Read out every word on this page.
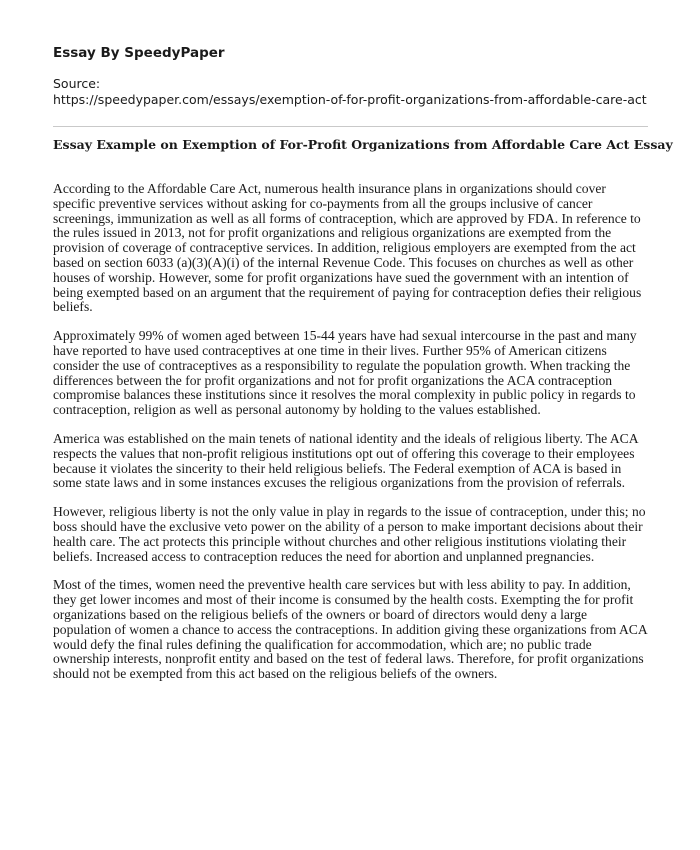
Essay By SpeedyPaper
Source:
https://speedypaper.com/essays/exemption-of-for-profit-organizations-from-affordable-care-act
Essay Example on Exemption of For-Profit Organizations from Affordable Care Act Essay

According to the Affordable Care Act, numerous health insurance plans in organizations should cover specific preventive services without asking for co-payments from all the groups inclusive of cancer screenings, immunization as well as all forms of contraception, which are approved by FDA. In reference to the rules issued in 2013, not for profit organizations and religious organizations are exempted from the provision of coverage of contraceptive services. In addition, religious employers are exempted from the act based on section 6033 (a)(3)(A)(i) of the internal Revenue Code. This focuses on churches as well as other houses of worship. However, some for profit organizations have sued the government with an intention of being exempted based on an argument that the requirement of paying for contraception defies their religious beliefs.

Approximately 99% of women aged between 15-44 years have had sexual intercourse in the past and many have reported to have used contraceptives at one time in their lives. Further 95% of American citizens consider the use of contraceptives as a responsibility to regulate the population growth. When tracking the differences between the for profit organizations and not for profit organizations the ACA contraception compromise balances these institutions since it resolves the moral complexity in public policy in regards to contraception, religion as well as personal autonomy by holding to the values established.

America was established on the main tenets of national identity and the ideals of religious liberty. The ACA respects the values that non-profit religious institutions opt out of offering this coverage to their employees because it violates the sincerity to their held religious beliefs. The Federal exemption of ACA is based in some state laws and in some instances excuses the religious organizations from the provision of referrals.

However, religious liberty is not the only value in play in regards to the issue of contraception, under this; no boss should have the exclusive veto power on the ability of a person to make important decisions about their health care. The act protects this principle without churches and other religious institutions violating their beliefs. Increased access to contraception reduces the need for abortion and unplanned pregnancies.

Most of the times, women need the preventive health care services but with less ability to pay. In addition, they get lower incomes and most of their income is consumed by the health costs. Exempting the for profit organizations based on the religious beliefs of the owners or board of directors would deny a large population of women a chance to access the contraceptions. In addition giving these organizations from ACA would defy the final rules defining the qualification for accommodation, which are; no public trade ownership interests, nonprofit entity and based on the test of federal laws. Therefore, for profit organizations should not be exempted from this act based on the religious beliefs of the owners.
